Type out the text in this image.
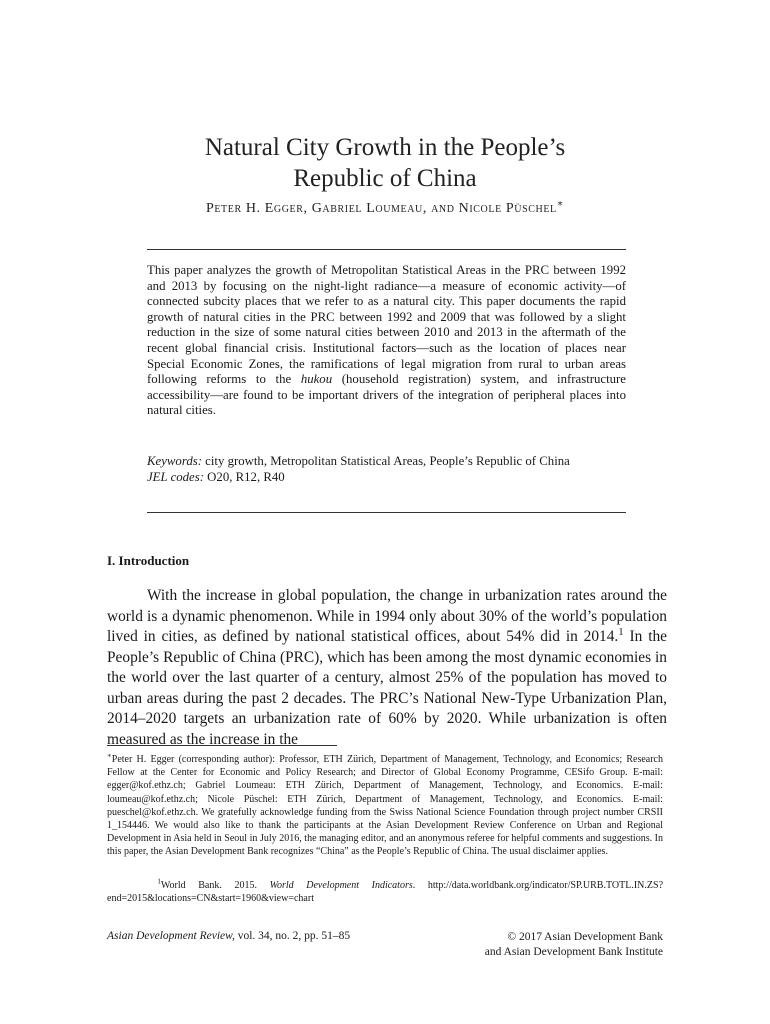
Natural City Growth in the People’s
Republic of China
Peter H. Egger, Gabriel Loumeau, and Nicole Püschel∗

This paper analyzes the growth of Metropolitan Statistical Areas in the PRC between 1992 and 2013 by focusing on the night-light radiance—a measure of economic activity—of connected subcity places that we refer to as a natural city. This paper documents the rapid growth of natural cities in the PRC between 1992 and 2009 that was followed by a slight reduction in the size of some natural cities between 2010 and 2013 in the aftermath of the recent global financial crisis. Institutional factors—such as the location of places near Special Economic Zones, the ramifications of legal migration from rural to urban areas following reforms to the hukou (household registration) system, and infrastructure accessibility—are found to be important drivers of the integration of peripheral places into natural cities.

Keywords: city growth, Metropolitan Statistical Areas, People’s Republic of China
JEL codes: O20, R12, R40
I. Introduction

With the increase in global population, the change in urbanization rates around the world is a dynamic phenomenon. While in 1994 only about 30% of the world’s population lived in cities, as defined by national statistical offices, about 54% did in 2014.$^1$ In the People’s Republic of China (PRC), which has been among the most dynamic economies in the world over the last quarter of a century, almost 25% of the population has moved to urban areas during the past 2 decades. The PRC’s National New-Type Urbanization Plan, 2014–2020 targets an urbanization rate of 60% by 2020. While urbanization is often measured as the increase in the

∗Peter H. Egger (corresponding author): Professor, ETH Zürich, Department of Management, Technology, and Economics; Research Fellow at the Center for Economic and Policy Research; and Director of Global Economy Programme, CESifo Group. E-mail: egger@kof.ethz.ch; Gabriel Loumeau: ETH Zürich, Department of Management, Technology, and Economics. E-mail: loumeau@kof.ethz.ch; Nicole Püschel: ETH Zürich, Department of Management, Technology, and Economics. E-mail: pueschel@kof.ethz.ch. We gratefully acknowledge funding from the Swiss National Science Foundation through project number CRSII 1_154446. We would also like to thank the participants at the Asian Development Review Conference on Urban and Regional Development in Asia held in Seoul in July 2016, the managing editor, and an anonymous referee for helpful comments and suggestions. In this paper, the Asian Development Bank recognizes “China” as the People’s Republic of China. The usual disclaimer applies.

$^1$World Bank. 2015. World Development Indicators. http://data.worldbank.org/indicator/SP.URB.TOTL.IN.ZS?end=2015&locations=CN&start=1960&view=chart

Asian Development Review, vol. 34, no. 2, pp. 51–85	© 2017 Asian Development Bank
and Asian Development Bank Institute
